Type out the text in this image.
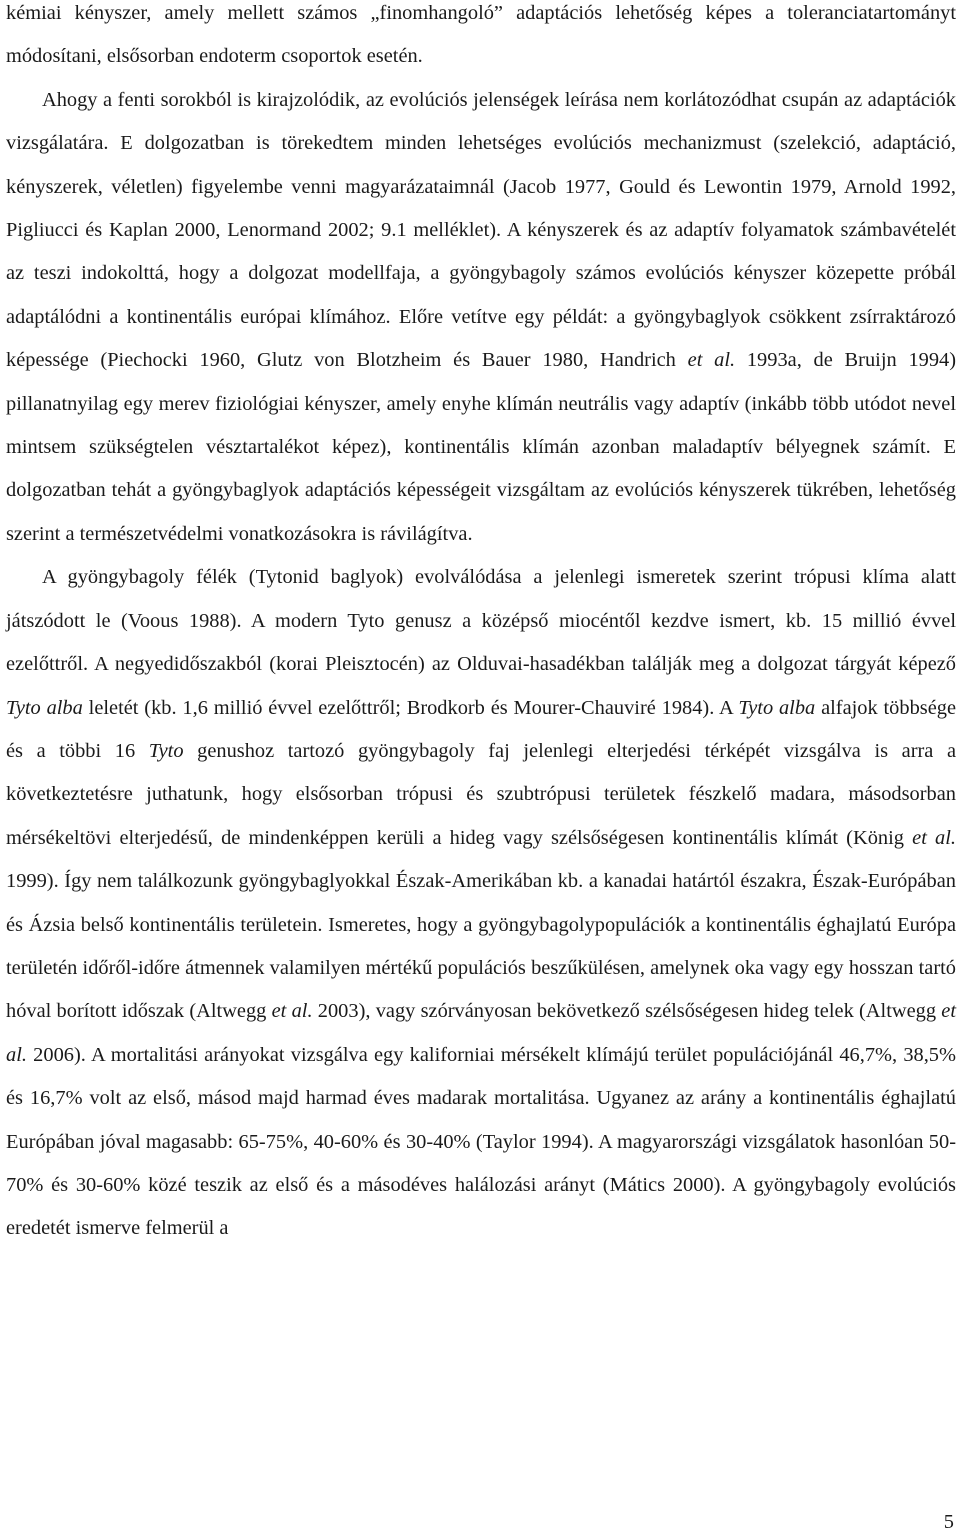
kémiai kényszer, amely mellett számos „finomhangoló” adaptációs lehetőség képes a toleranciatartományt módosítani, elsősorban endoterm csoportok esetén.

Ahogy a fenti sorokból is kirajzolódik, az evolúciós jelenségek leírása nem korlátozódhat csupán az adaptációk vizsgálatára. E dolgozatban is törekedtem minden lehetséges evolúciós mechanizmust (szelekció, adaptáció, kényszerek, véletlen) figyelembe venni magyarázataimnál (Jacob 1977, Gould és Lewontin 1979, Arnold 1992, Pigliucci és Kaplan 2000, Lenormand 2002; 9.1 melléklet). A kényszerek és az adaptív folyamatok számbavételét az teszi indokolttá, hogy a dolgozat modellfaja, a gyöngybagoly számos evolúciós kényszer közepette próbál adaptálódni a kontinentális európai klímához. Előre vetítve egy példát: a gyöngybaglyok csökkent zsírraktározó képessége (Piechocki 1960, Glutz von Blotzheim és Bauer 1980, Handrich et al. 1993a, de Bruijn 1994) pillanatnyilag egy merev fiziológiai kényszer, amely enyhe klímán neutrális vagy adaptív (inkább több utódot nevel mintsem szükségtelen vésztartalékot képez), kontinentális klímán azonban maladaptív bélyegnek számít. E dolgozatban tehát a gyöngybaglyok adaptációs képességeit vizsgáltam az evolúciós kényszerek tükrében, lehetőség szerint a természetvédelmi vonatkozásokra is rávilágítva.

A gyöngybagoly félék (Tytonid baglyok) evolválódása a jelenlegi ismeretek szerint trópusi klíma alatt játszódott le (Voous 1988). A modern Tyto genusz a középső miocéntől kezdve ismert, kb. 15 millió évvel ezelőttről. A negyedidőszakból (korai Pleisztocén) az Olduvai-hasadékban találják meg a dolgozat tárgyát képező Tyto alba leletét (kb. 1,6 millió évvel ezelőttről; Brodkorb és Mourer-Chauviré 1984). A Tyto alba alfajok többsége és a többi 16 Tyto genushoz tartozó gyöngybagoly faj jelenlegi elterjedési térképét vizsgálva is arra a következtetésre juthatunk, hogy elsősorban trópusi és szubtrópusi területek fészkelő madara, másodsorban mérsékeltövi elterjedésű, de mindenképpen kerüli a hideg vagy szélsőségesen kontinentális klímát (König et al. 1999). Így nem találkozunk gyöngybaglyokkal Észak-Amerikában kb. a kanadai határtól északra, Észak-Európában és Ázsia belső kontinentális területein. Ismeretes, hogy a gyöngybagolypopulációk a kontinentális éghajlatú Európa területén időről-időre átmennek valamilyen mértékű populációs beszűkülésen, amelynek oka vagy egy hosszan tartó hóval borított időszak (Altwegg et al. 2003), vagy szórványosan bekövetkező szélsőségesen hideg telek (Altwegg et al. 2006). A mortalitási arányokat vizsgálva egy kaliforniai mérsékelt klímájú terület populációjánál 46,7%, 38,5% és 16,7% volt az első, másod majd harmad éves madarak mortalitása. Ugyanez az arány a kontinentális éghajlatú Európában jóval magasabb: 65-75%, 40-60% és 30-40% (Taylor 1994). A magyarországi vizsgálatok hasonlóan 50-70% és 30-60% közé teszik az első és a másodéves halálozási arányt (Mátics 2000). A gyöngybagoly evolúciós eredetét ismerve felmerül a

5
